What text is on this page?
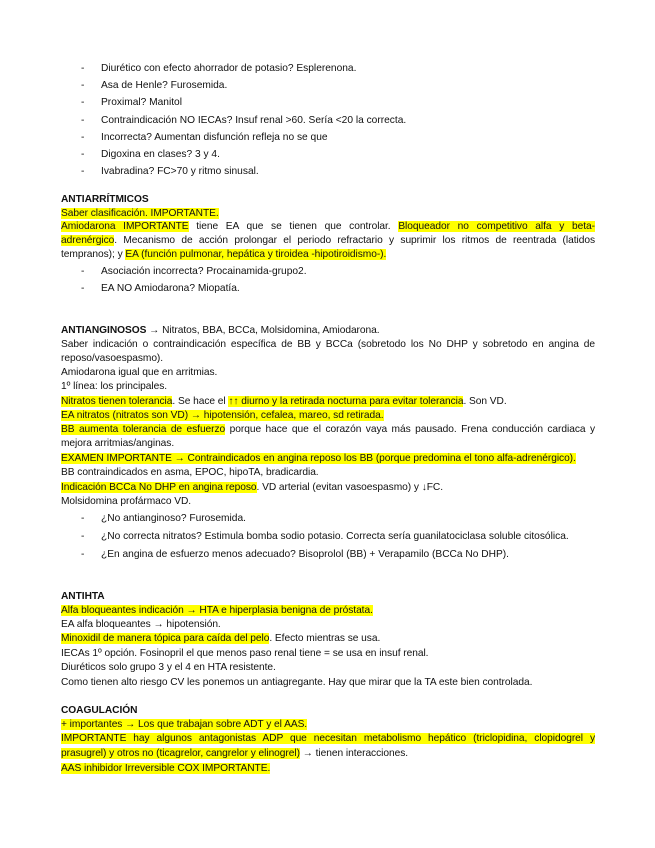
- Diurético con efecto ahorrador de potasio? Esplerenona.
- Asa de Henle? Furosemida.
- Proximal? Manitol
- Contraindicación NO IECAs? Insuf renal >60. Sería <20 la correcta.
- Incorrecta? Aumentan disfunción refleja no se que
- Digoxina en clases? 3 y 4.
- Ivabradina? FC>70 y ritmo sinusal.
ANTIARRÍTMICOS
Saber clasificación. IMPORTANTE.
Amiodarona IMPORTANTE tiene EA que se tienen que controlar. Bloqueador no competitivo alfa y beta-
adrenérgico. Mecanismo de acción prolongar el periodo refractario y suprimir los ritmos de reentrada (latidos
tempranos); y EA (función pulmonar, hepática y tiroidea -hipotiroidismo-).
- Asociación incorrecta? Procainamida-grupo2.
- EA NO Amiodarona? Miopatía.
ANTIANGINOSOS → Nitratos, BBA, BCCa, Molsidomina, Amiodarona.
Saber indicación o contraindicación específica de BB y BCCa (sobretodo los No DHP y sobretodo en angina de
reposo/vasoespasmo).
Amiodarona igual que en arritmias.
1º línea: los principales.
Nitratos tienen tolerancia. Se hace el ↑↑ diurno y la retirada nocturna para evitar tolerancia. Son VD.
EA nitratos (nitratos son VD) → hipotensión, cefalea, mareo, sd retirada.
BB aumenta tolerancia de esfuerzo porque hace que el corazón vaya más pausado. Frena conducción cardiaca y
mejora arritmias/anginas.
EXAMEN IMPORTANTE → Contraindicados en angina reposo los BB (porque predomina el tono alfa-adrenérgico).
BB contraindicados en asma, EPOC, hipoTA, bradicardia.
Indicación BCCa No DHP en angina reposo. VD arterial (evitan vasoespasmo) y ↓FC.
Molsidomina profármaco VD.
- ¿No antianginoso? Furosemida.
- ¿No correcta nitratos? Estimula bomba sodio potasio. Correcta sería guanilatociclasa soluble citosólica.
- ¿En angina de esfuerzo menos adecuado? Bisoprolol (BB) + Verapamilo (BCCa No DHP).
ANTIHTA
Alfa bloqueantes indicación → HTA e hiperplasia benigna de próstata.
EA alfa bloqueantes → hipotensión.
Minoxidil de manera tópica para caída del pelo. Efecto mientras se usa.
IECAs 1º opción. Fosinopril el que menos paso renal tiene = se usa en insuf renal.
Diuréticos solo grupo 3 y el 4 en HTA resistente.
Como tienen alto riesgo CV les ponemos un antiagregante. Hay que mirar que la TA este bien controlada.
COAGULACIÓN
+ importantes → Los que trabajan sobre ADT y el AAS.
IMPORTANTE hay algunos antagonistas ADP que necesitan metabolismo hepático (triclopidina, clopidogrel y
prasugrel) y otros no (ticagrelor, cangrelor y elinogrel) → tienen interacciones.
AAS inhibidor Irreversible COX IMPORTANTE.
